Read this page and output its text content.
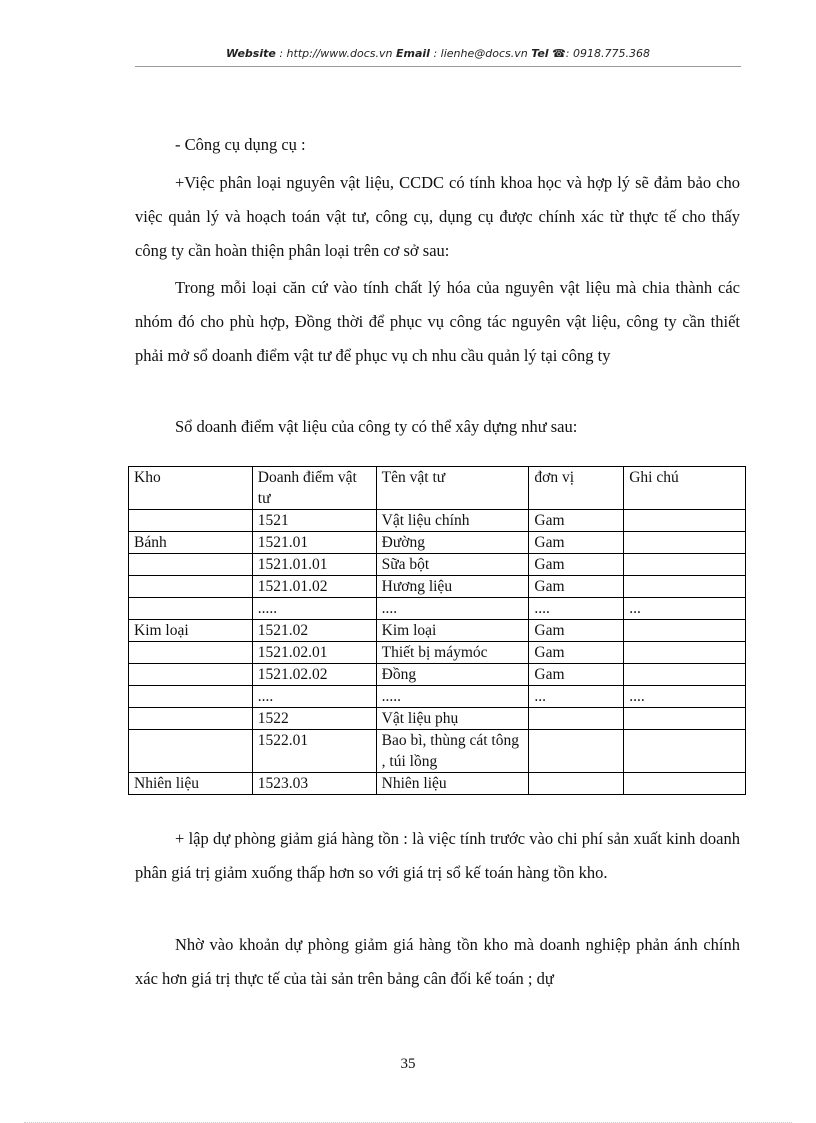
Website : http://www.docs.vn Email : lienhe@docs.vn Tel ☎: 0918.775.368

- Công cụ dụng cụ :

+Việc phân loại nguyên vật liệu, CCDC có tính khoa học và hợp lý sẽ đảm bảo cho việc quản lý và hoạch toán vật tư, công cụ, dụng cụ được chính xác từ thực tế cho thấy công ty cần hoàn thiện phân loại trên cơ sở sau:

Trong mỗi loại căn cứ vào tính chất lý hóa của nguyên vật liệu mà chia thành các nhóm đó cho phù hợp, Đồng thời để phục vụ công tác nguyên vật liệu, công ty cần thiết phải mở sổ doanh điểm vật tư để phục vụ ch nhu cầu quản lý tại công ty

Sổ doanh điểm vật liệu của công ty có thể xây dựng như sau:

Kho	Doanh điểm vật tư	Tên vật tư	đơn vị	Ghi chú
	1521	Vật liệu chính	Gam	
Bánh	1521.01	Đường	Gam	
	1521.01.01	Sữa bột	Gam	
	1521.01.02	Hương liệu	Gam	
	.....	....	....	...
Kim loại	1521.02	Kim loại	Gam	
	1521.02.01	Thiết bị máymóc	Gam	
	1521.02.02	Đồng	Gam	
	....	.....	...	....
	1522	Vật liệu phụ		
	1522.01	Bao bì, thùng cát tông , túi lồng		
Nhiên liệu	1523.03	Nhiên liệu		

+ lập dự phòng giảm giá hàng tồn : là việc tính trước vào chi phí sản xuất kinh doanh phân giá trị giảm xuống thấp hơn so với giá trị sổ kế toán hàng tồn kho.

Nhờ vào khoản dự phòng giảm giá hàng tồn kho mà doanh nghiệp phản ánh chính xác hơn giá trị thực tế của tài sản trên bảng cân đối kế toán ; dự

35
